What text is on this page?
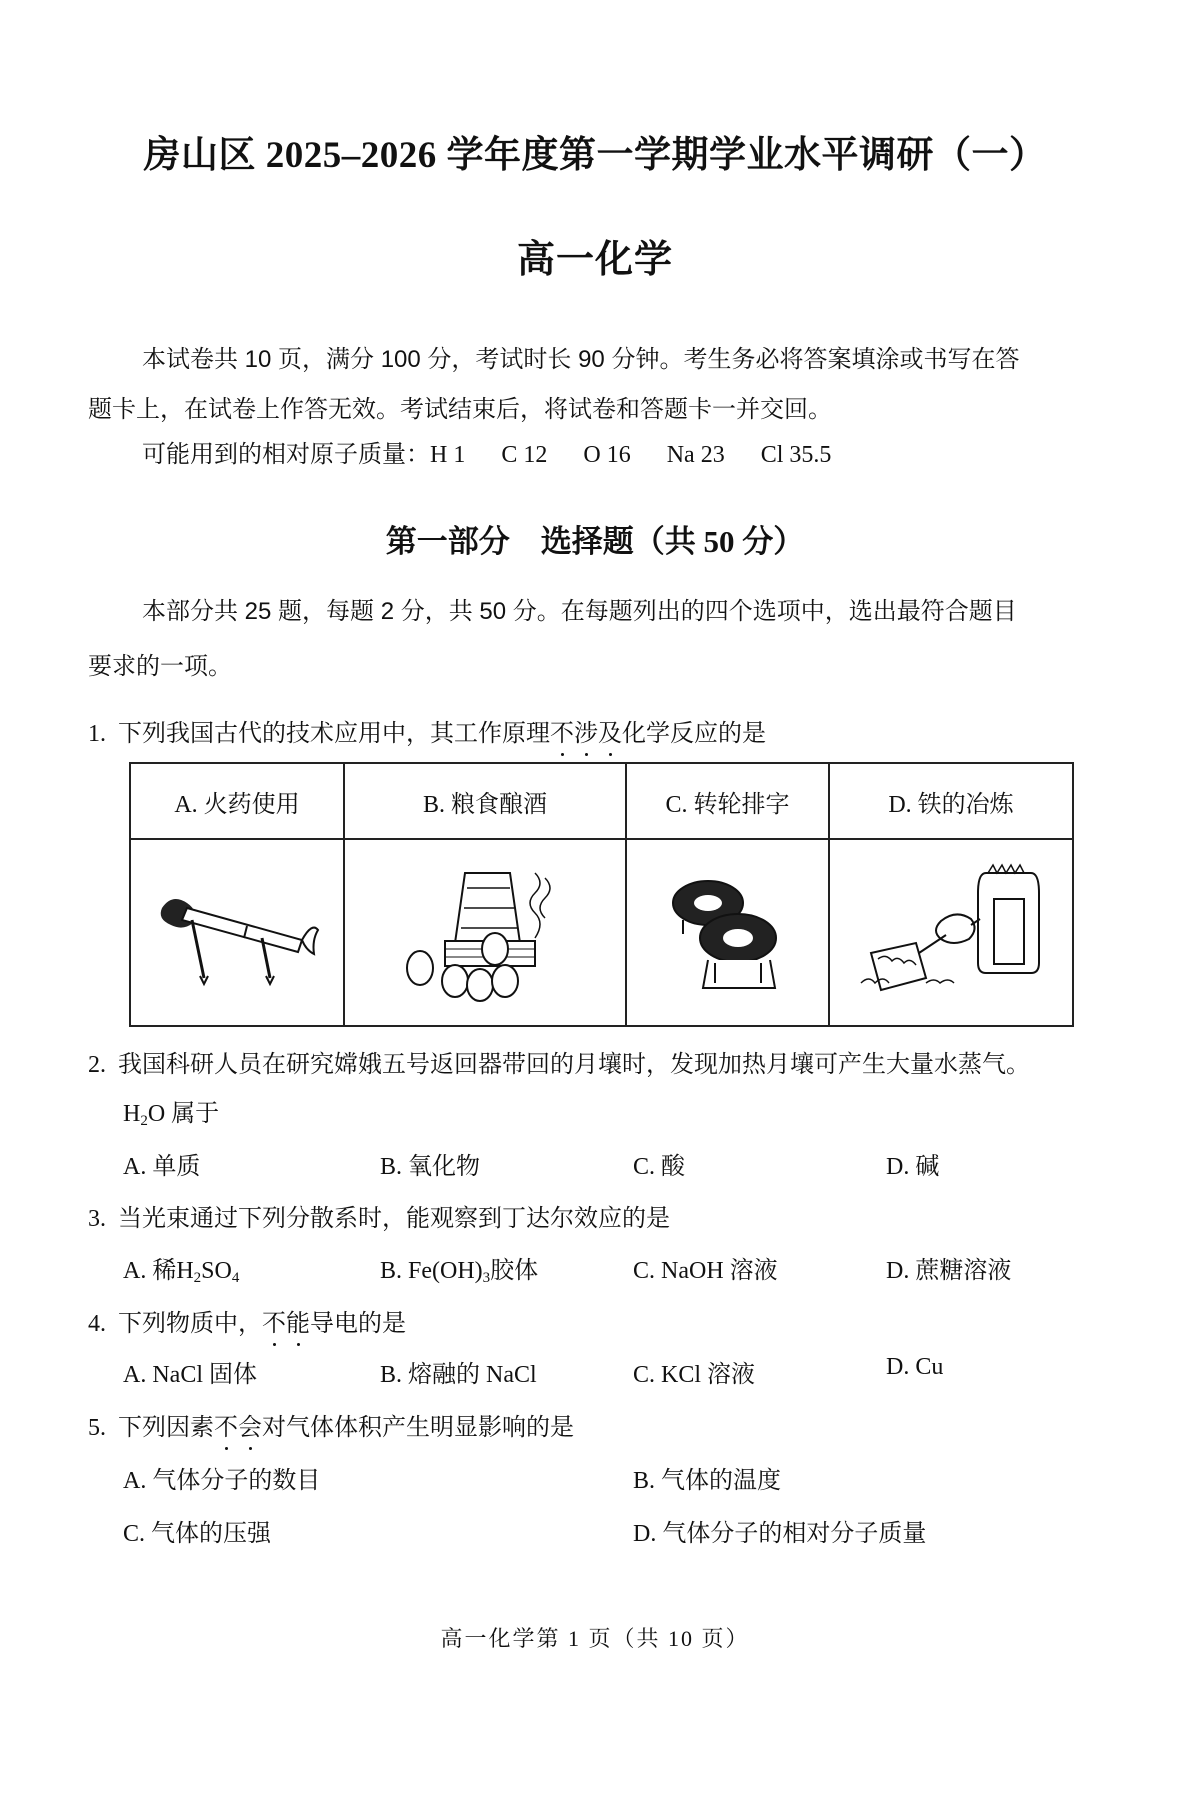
房山区 2025–2026 学年度第一学期学业水平调研（一）
高一化学
本试卷共 10 页，满分 100 分，考试时长 90 分钟。考生务必将答案填涂或书写在答
题卡上，在试卷上作答无效。考试结束后，将试卷和答题卡一并交回。
可能用到的相对原子质量：H 1 C 12 O 16 Na 23 Cl 35.5
第一部分　选择题（共 50 分）
本部分共 25 题，每题 2 分，共 50 分。在每题列出的四个选项中，选出最符合题目
要求的一项。
1. 下列我国古代的技术应用中，其工作原理不涉及化学反应的是
A. 火药使用	B. 粮食酿酒	C. 转轮排字	D. 铁的冶炼

2. 我国科研人员在研究嫦娥五号返回器带回的月壤时，发现加热月壤可产生大量水蒸气。
$H_2O$ 属于
A. 单质	B. 氧化物	C. 酸	D. 碱
3. 当光束通过下列分散系时，能观察到丁达尔效应的是
A. 稀$H_2SO_4$	B. $Fe(OH)_3$胶体	C. NaOH 溶液	D. 蔗糖溶液
4. 下列物质中，不能导电的是
A. NaCl 固体	B. 熔融的 NaCl	C. KCl 溶液	D. Cu
5. 下列因素不会对气体体积产生明显影响的是
A. 气体分子的数目	B. 气体的温度
C. 气体的压强	D. 气体分子的相对分子质量
高一化学第 1 页（共 10 页）
